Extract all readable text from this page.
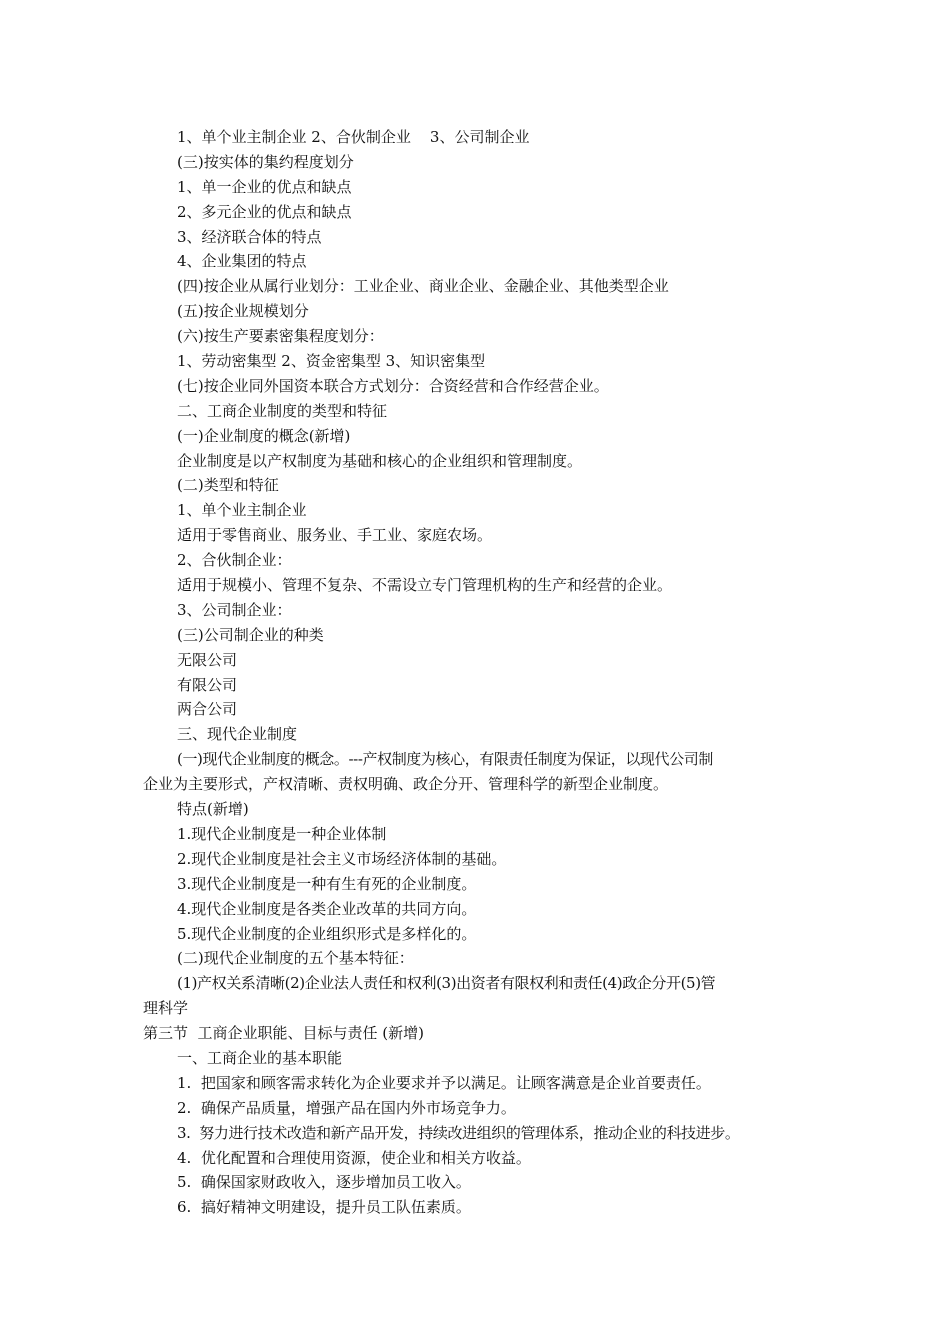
1、单个业主制企业 2、合伙制企业    3、公司制企业
(三)按实体的集约程度划分
1、单一企业的优点和缺点
2、多元企业的优点和缺点
3、经济联合体的特点
4、企业集团的特点
(四)按企业从属行业划分：工业企业、商业企业、金融企业、其他类型企业
(五)按企业规模划分
(六)按生产要素密集程度划分：
1、劳动密集型 2、资金密集型 3、知识密集型
(七)按企业同外国资本联合方式划分：合资经营和合作经营企业。
二、工商企业制度的类型和特征
(一)企业制度的概念(新增)
企业制度是以产权制度为基础和核心的企业组织和管理制度。
(二)类型和特征
1、单个业主制企业
适用于零售商业、服务业、手工业、家庭农场。
2、合伙制企业：
适用于规模小、管理不复杂、不需设立专门管理机构的生产和经营的企业。
3、公司制企业：
(三)公司制企业的种类
无限公司
有限公司
两合公司
三、现代企业制度
(一)现代企业制度的概念。---产权制度为核心，有限责任制度为保证，以现代公司制
企业为主要形式，产权清晰、责权明确、政企分开、管理科学的新型企业制度。
特点(新增)
1.现代企业制度是一种企业体制
2.现代企业制度是社会主义市场经济体制的基础。
3.现代企业制度是一种有生有死的企业制度。
4.现代企业制度是各类企业改革的共同方向。
5.现代企业制度的企业组织形式是多样化的。
(二)现代企业制度的五个基本特征：
(1)产权关系清晰(2)企业法人责任和权利(3)出资者有限权利和责任(4)政企分开(5)管
理科学
第三节  工商企业职能、目标与责任 (新增)
一、工商企业的基本职能
1.  把国家和顾客需求转化为企业要求并予以满足。让顾客满意是企业首要责任。
2.  确保产品质量，增强产品在国内外市场竞争力。
3.  努力进行技术改造和新产品开发，持续改进组织的管理体系，推动企业的科技进步。
4.  优化配置和合理使用资源，使企业和相关方收益。
5.  确保国家财政收入，逐步增加员工收入。
6.  搞好精神文明建设，提升员工队伍素质。
